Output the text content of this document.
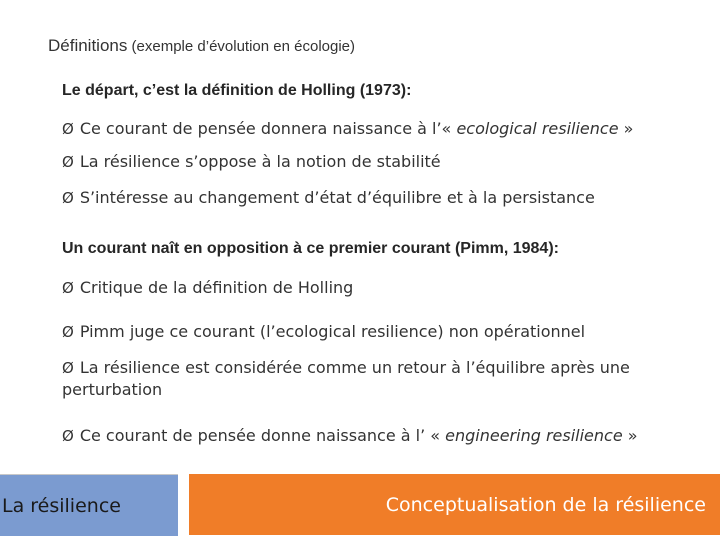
Définitions (exemple d’évolution en écologie)
Le départ, c’est la définition de Holling (1973):
Ø Ce courant de pensée donnera naissance à l’« ecological resilience »
Ø La résilience s’oppose à la notion de stabilité
Ø S’intéresse au changement d’état d’équilibre et à la persistance
Un courant naît en opposition à ce premier courant (Pimm, 1984):
Ø Critique de la définition de Holling
Ø Pimm juge ce courant (l’ecological resilience) non opérationnel
Ø La résilience est considérée comme un retour à l’équilibre après une perturbation
Ø Ce courant de pensée donne naissance à l’ « engineering resilience »
La résilience	Conceptualisation de la résilience
